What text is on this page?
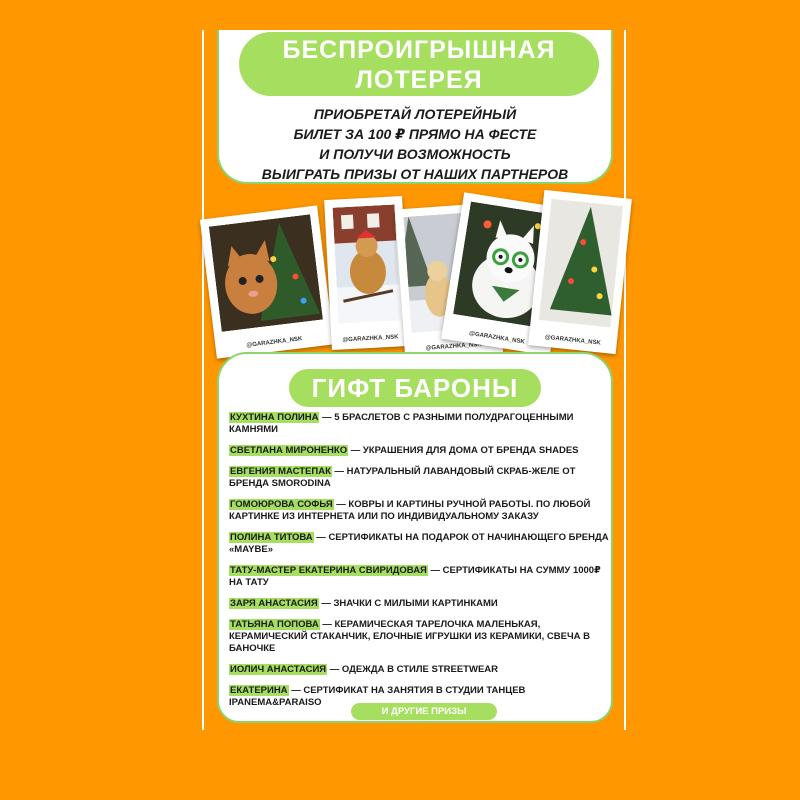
БЕСПРОИГРЫШНАЯ
ЛОТЕРЕЯ

ПРИОБРЕТАЙ ЛОТЕРЕЙНЫЙ
БИЛЕТ ЗА 100 ₽ ПРЯМО НА ФЕСТЕ
И ПОЛУЧИ ВОЗМОЖНОСТЬ
ВЫИГРАТЬ ПРИЗЫ ОТ НАШИХ ПАРТНЕРОВ

@GARAZHKA_NSK	@GARAZHKA_NSK
@GARAZHKA_NSK
@GARAZHKA_NSK	@GARAZHKA_NSK
ГИФТ БАРОНЫ
КУХТИНА ПОЛИНА — 5 БРАСЛЕТОВ С РАЗНЫМИ ПОЛУДРАГОЦЕННЫМИ КАМНЯМИ
СВЕТЛАНА МИРОНЕНКО — УКРАШЕНИЯ ДЛЯ ДОМА ОТ БРЕНДА SHADES
ЕВГЕНИЯ МАСТЕПАК — НАТУРАЛЬНЫЙ ЛАВАНДОВЫЙ СКРАБ-ЖЕЛЕ ОТ БРЕНДА SMORODINA
ГОМОЮРОВА СОФЬЯ — КОВРЫ И КАРТИНЫ РУЧНОЙ РАБОТЫ. ПО ЛЮБОЙ КАРТИНКЕ ИЗ ИНТЕРНЕТА ИЛИ ПО ИНДИВИДУАЛЬНОМУ ЗАКАЗУ
ПОЛИНА ТИТОВА — СЕРТИФИКАТЫ НА ПОДАРОК ОТ НАЧИНАЮЩЕГО БРЕНДА «MAYBE»
ТАТУ-МАСТЕР ЕКАТЕРИНА СВИРИДОВАЯ — СЕРТИФИКАТЫ НА СУММУ 1000₽ НА ТАТУ
ЗАРЯ АНАСТАСИЯ — ЗНАЧКИ С МИЛЫМИ КАРТИНКАМИ
ТАТЬЯНА ПОПОВА — КЕРАМИЧЕСКАЯ ТАРЕЛОЧКА МАЛЕНЬКАЯ, КЕРАМИЧЕСКИЙ СТАКАНЧИК, ЕЛОЧНЫЕ ИГРУШКИ ИЗ КЕРАМИКИ, СВЕЧА В БАНОЧКЕ
ИОЛИЧ АНАСТАСИЯ — ОДЕЖДА В СТИЛЕ STREETWEAR
ЕКАТЕРИНА — СЕРТИФИКАТ НА ЗАНЯТИЯ В СТУДИИ ТАНЦЕВ IPANEMA&PARAISO
И ДРУГИЕ ПРИЗЫ
